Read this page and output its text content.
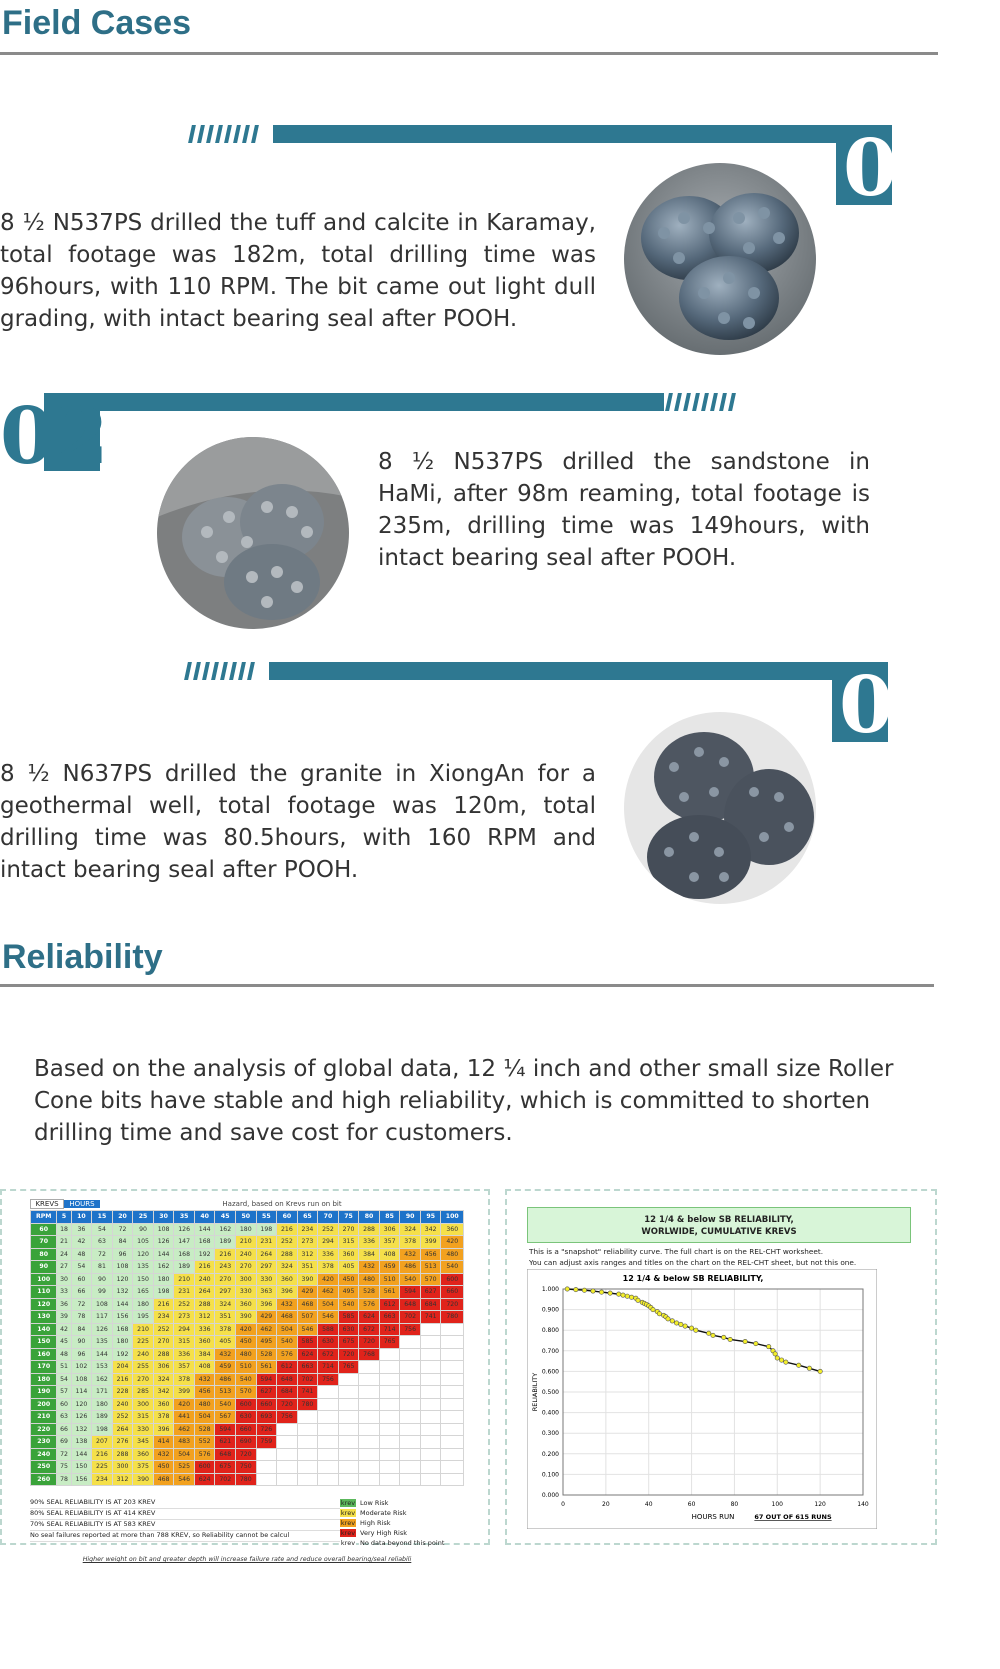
Field Cases
01
8 ½ N537PS drilled the tuff and calcite in Karamay, total footage was 182m, total drilling time was 96hours, with 110 RPM. The bit came out light dull grading, with intact bearing seal after POOH.
02	8 ½ N537PS drilled the sandstone in HaMi, after 98m reaming, total footage is 235m, drilling time was 149hours, with intact bearing seal after POOH.
03
8 ½ N637PS drilled the granite in XiongAn for a geothermal well, total footage was 120m, total drilling time was 80.5hours, with 160 RPM and intact bearing seal after POOH.
Reliability
Based on the analysis of global data, 12 ¼ inch and other small size Roller Cone bits have stable and high reliability, which is committed to shorten drilling time and save cost for customers.
KREVS	HOURS	Hazard, based on Krevs run on bit
RPM	5	10	15	20	25	30	35	40	45	50	55	60	65	70	75	80	85	90	95	100
60	18	36	54	72	90	108	126	144	162	180	198	216	234	252	270	288	306	324	342	360
70	21	42	63	84	105	126	147	168	189	210	231	252	273	294	315	336	357	378	399	420
80	24	48	72	96	120	144	168	192	216	240	264	288	312	336	360	384	408	432	456	480
90	27	54	81	108	135	162	189	216	243	270	297	324	351	378	405	432	459	486	513	540
100	30	60	90	120	150	180	210	240	270	300	330	360	390	420	450	480	510	540	570	600
110	33	66	99	132	165	198	231	264	297	330	363	396	429	462	495	528	561	594	627	660
120	36	72	108	144	180	216	252	288	324	360	396	432	468	504	540	576	612	648	684	720
130	39	78	117	156	195	234	273	312	351	390	429	468	507	546	585	624	663	702	741	780
140	42	84	126	168	210	252	294	336	378	420	462	504	546	588	630	672	714	756		
150	45	90	135	180	225	270	315	360	405	450	495	540	585	630	675	720	765			
160	48	96	144	192	240	288	336	384	432	480	528	576	624	672	720	768				
170	51	102	153	204	255	306	357	408	459	510	561	612	663	714	765					
180	54	108	162	216	270	324	378	432	486	540	594	648	702	756						
190	57	114	171	228	285	342	399	456	513	570	627	684	741							
200	60	120	180	240	300	360	420	480	540	600	660	720	780							
210	63	126	189	252	315	378	441	504	567	630	693	756								
220	66	132	198	264	330	396	462	528	594	660	726									
230	69	138	207	276	345	414	483	552	621	690	759									
240	72	144	216	288	360	432	504	576	648	720										
250	75	150	225	300	375	450	525	600	675	750										
260	78	156	234	312	390	468	546	624	702	780										
90% SEAL RELIABILITY IS AT 203 KREV
80% SEAL RELIABILITY IS AT 414 KREV
70% SEAL RELIABILITY IS AT 583 KREV
No seal failures reported at more than 788 KREV, so Reliability cannot be calcul
krev Low Risk
krev Moderate Risk
krev High Risk
krev Very High Risk
krev No data beyond this point
Higher weight on bit and greater depth will increase failure rate and reduce overall bearing/seal reliabili
12 1/4 & below SB RELIABILITY,
WORLWIDE, CUMULATIVE KREVS
This is a "snapshot" reliability curve. The full chart is on the REL-CHT worksheet.
You can adjust axis ranges and titles on the chart on the REL-CHT sheet, but not this one.
12 1/4 & below SB RELIABILITY,
0.000
0.100
0.200
0.300
0.400
0.500
0.600
0.700
0.800
0.900
1.000
0	20	40	60	80	100	120	140
HOURS RUN
RELIABILITY
67 OUT OF 615 RUNS
